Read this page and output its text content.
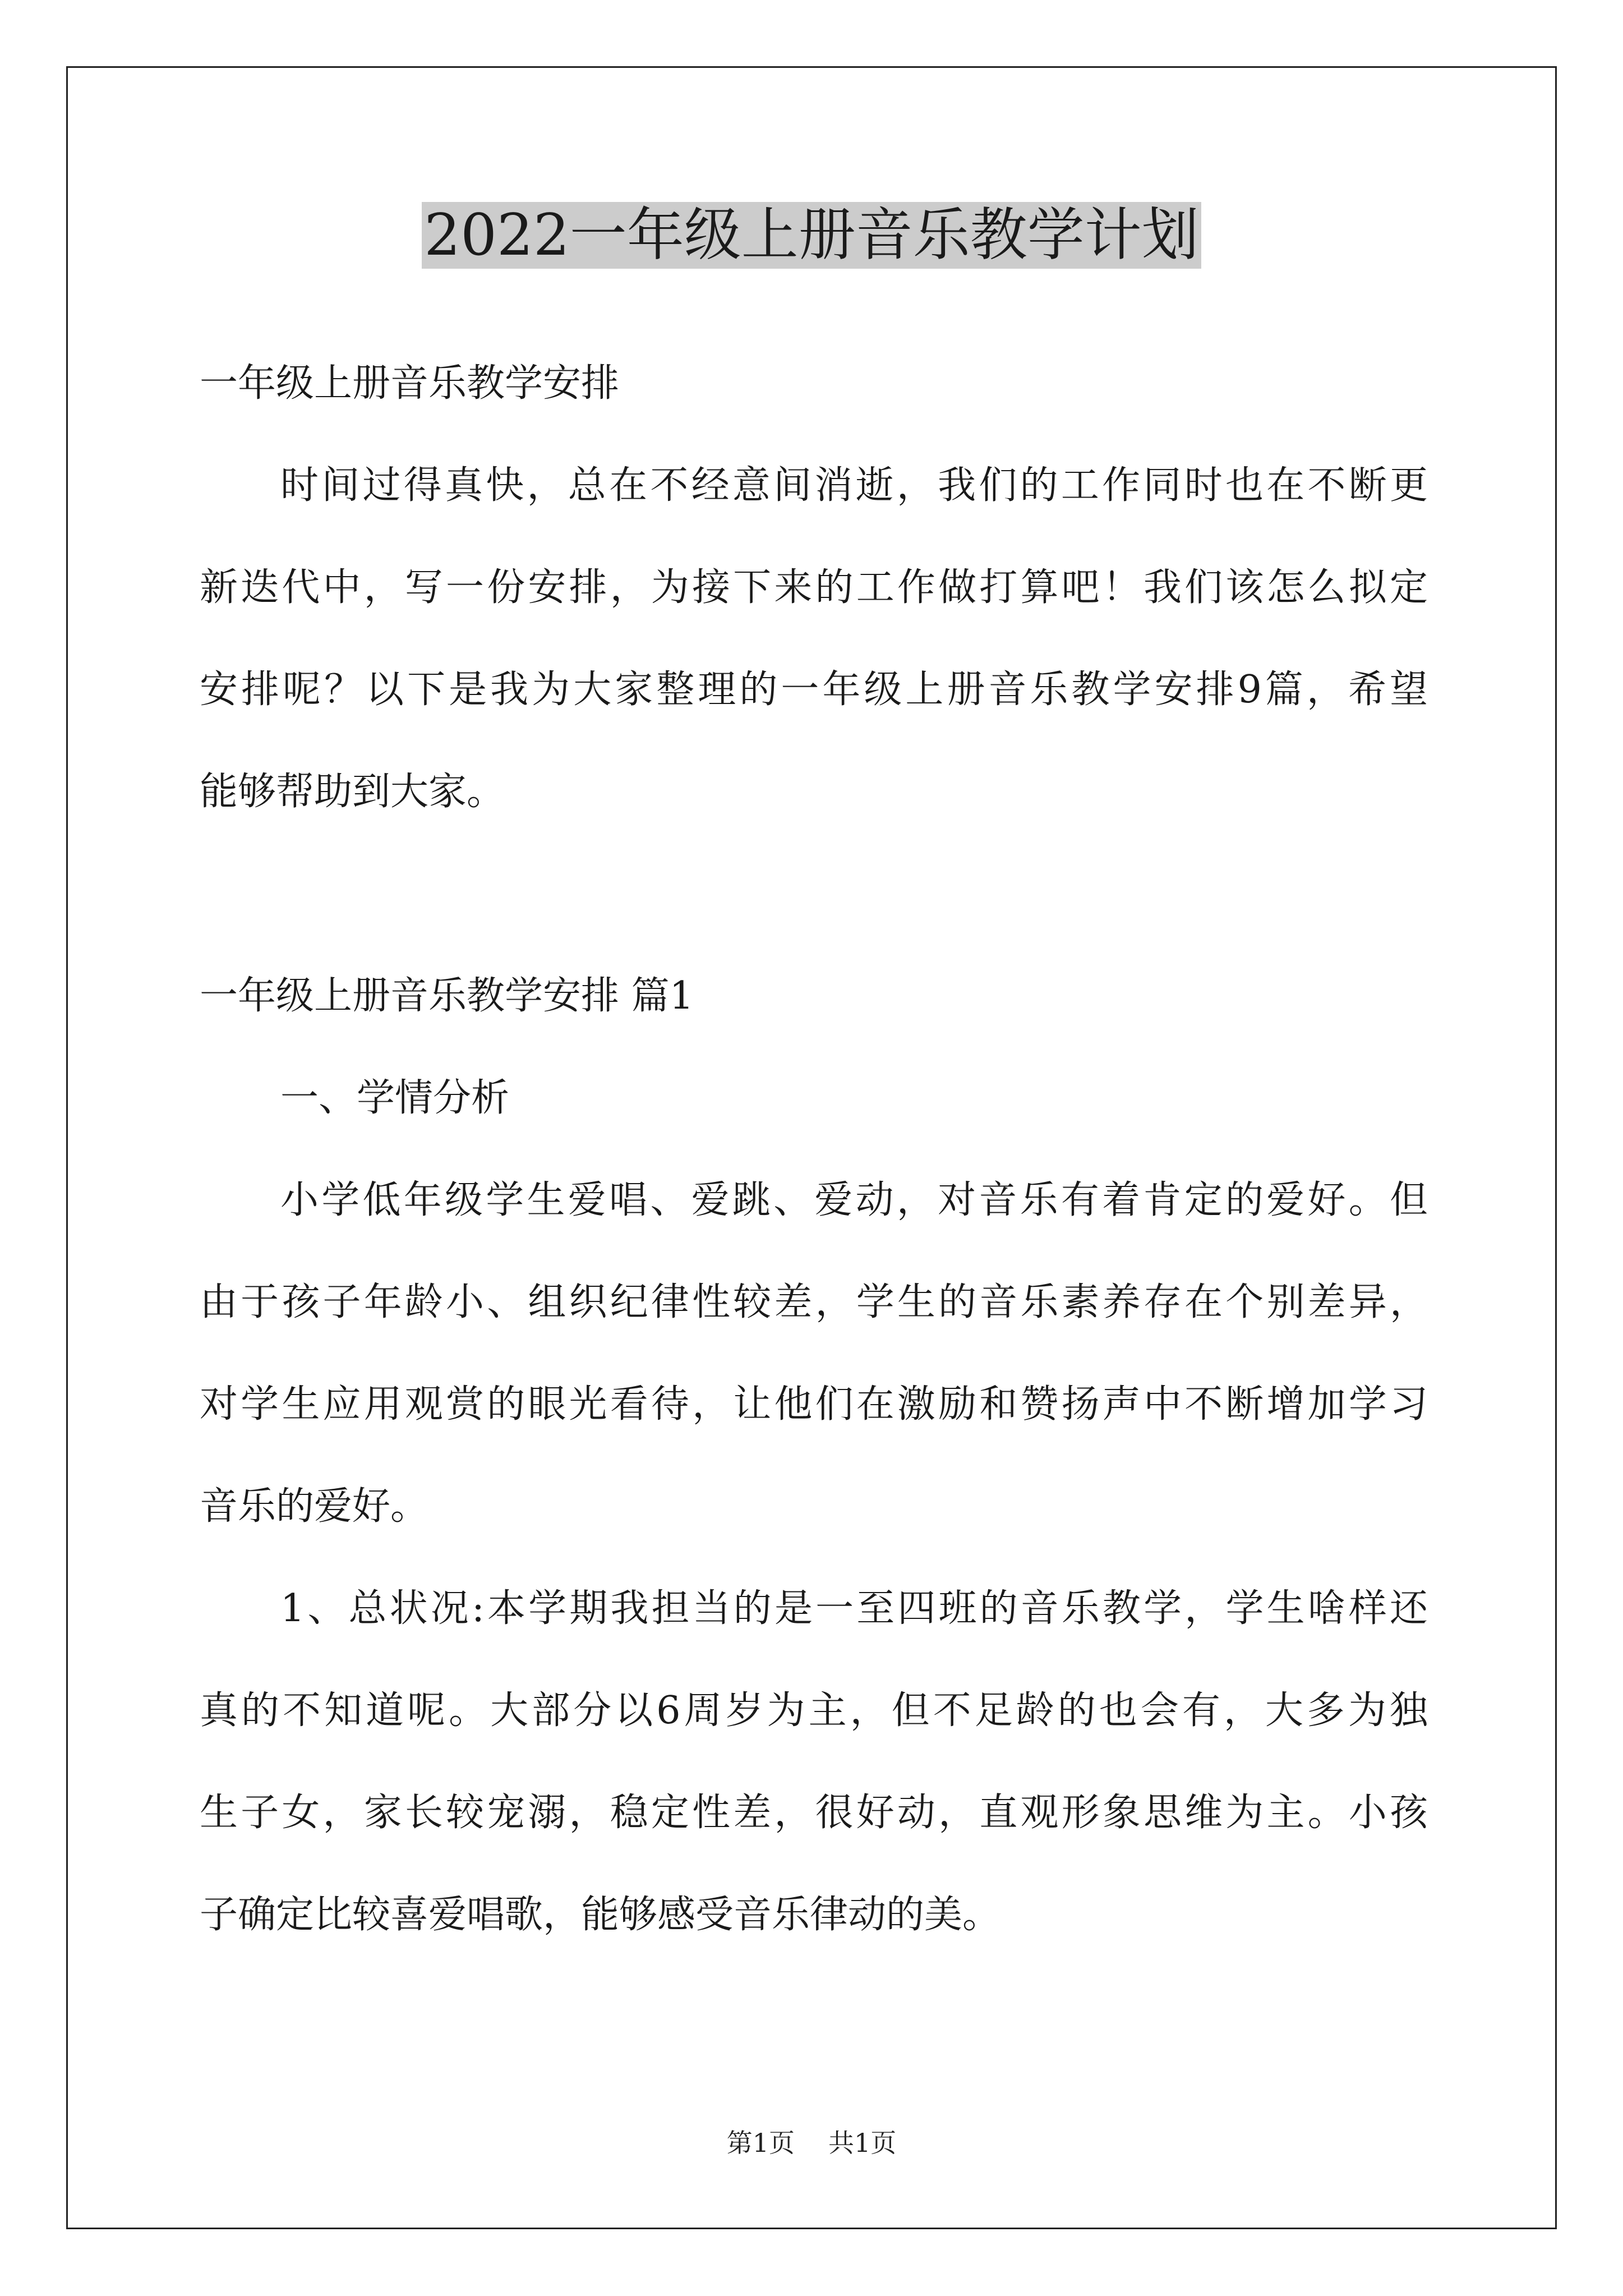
2022一年级上册音乐教学计划

一年级上册音乐教学安排

时间过得真快，总在不经意间消逝，我们的工作同时也在不断更

新迭代中，写一份安排，为接下来的工作做打算吧！我们该怎么拟定

安排呢？以下是我为大家整理的一年级上册音乐教学安排9篇，希望

能够帮助到大家。

一年级上册音乐教学安排 篇1

一、学情分析

小学低年级学生爱唱、爱跳、爱动，对音乐有着肯定的爱好。但

由于孩子年龄小、组织纪律性较差，学生的音乐素养存在个别差异，

对学生应用观赏的眼光看待，让他们在激励和赞扬声中不断增加学习

音乐的爱好。

1、总状况:本学期我担当的是一至四班的音乐教学，学生啥样还

真的不知道呢。大部分以6周岁为主，但不足龄的也会有，大多为独

生子女，家长较宠溺，稳定性差，很好动，直观形象思维为主。小孩

子确定比较喜爱唱歌，能够感受音乐律动的美。

第1页 共1页
